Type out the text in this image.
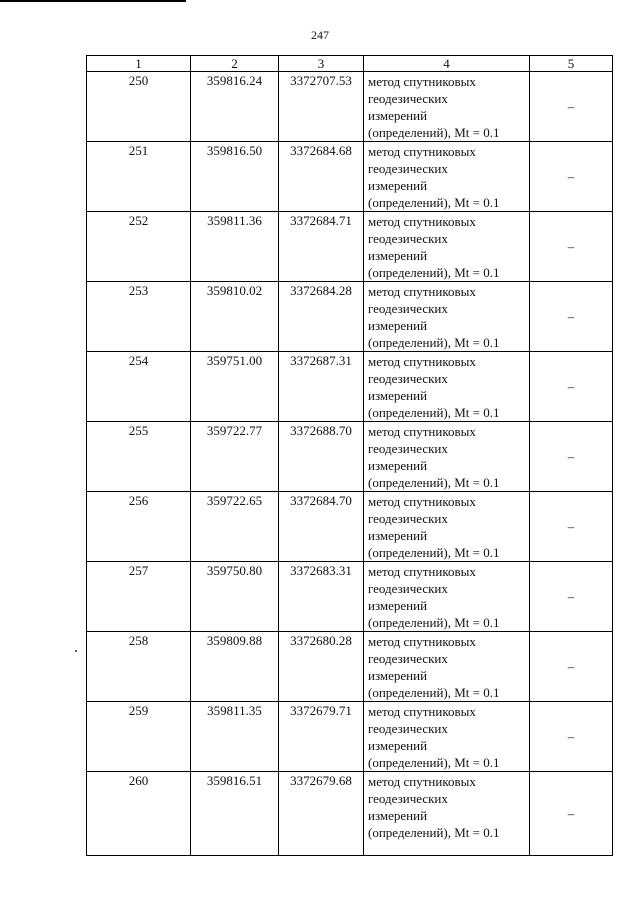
247
1	2	3	4	5
250	359816.24	3372707.53	метод спутниковых
геодезических
измерений
(определений), Mt = 0.1	–
251	359816.50	3372684.68	метод спутниковых
геодезических
измерений
(определений), Mt = 0.1	–
252	359811.36	3372684.71	метод спутниковых
геодезических
измерений
(определений), Mt = 0.1	–
253	359810.02	3372684.28	метод спутниковых
геодезических
измерений
(определений), Mt = 0.1	–
254	359751.00	3372687.31	метод спутниковых
геодезических
измерений
(определений), Mt = 0.1	–
255	359722.77	3372688.70	метод спутниковых
геодезических
измерений
(определений), Mt = 0.1	–
256	359722.65	3372684.70	метод спутниковых
геодезических
измерений
(определений), Mt = 0.1	–
257	359750.80	3372683.31	метод спутниковых
геодезических
измерений
(определений), Mt = 0.1	–
258	359809.88	3372680.28	метод спутниковых
геодезических
измерений
(определений), Mt = 0.1	–
259	359811.35	3372679.71	метод спутниковых
геодезических
измерений
(определений), Mt = 0.1	–
260	359816.51	3372679.68	метод спутниковых
геодезических
измерений
(определений), Mt = 0.1	–
